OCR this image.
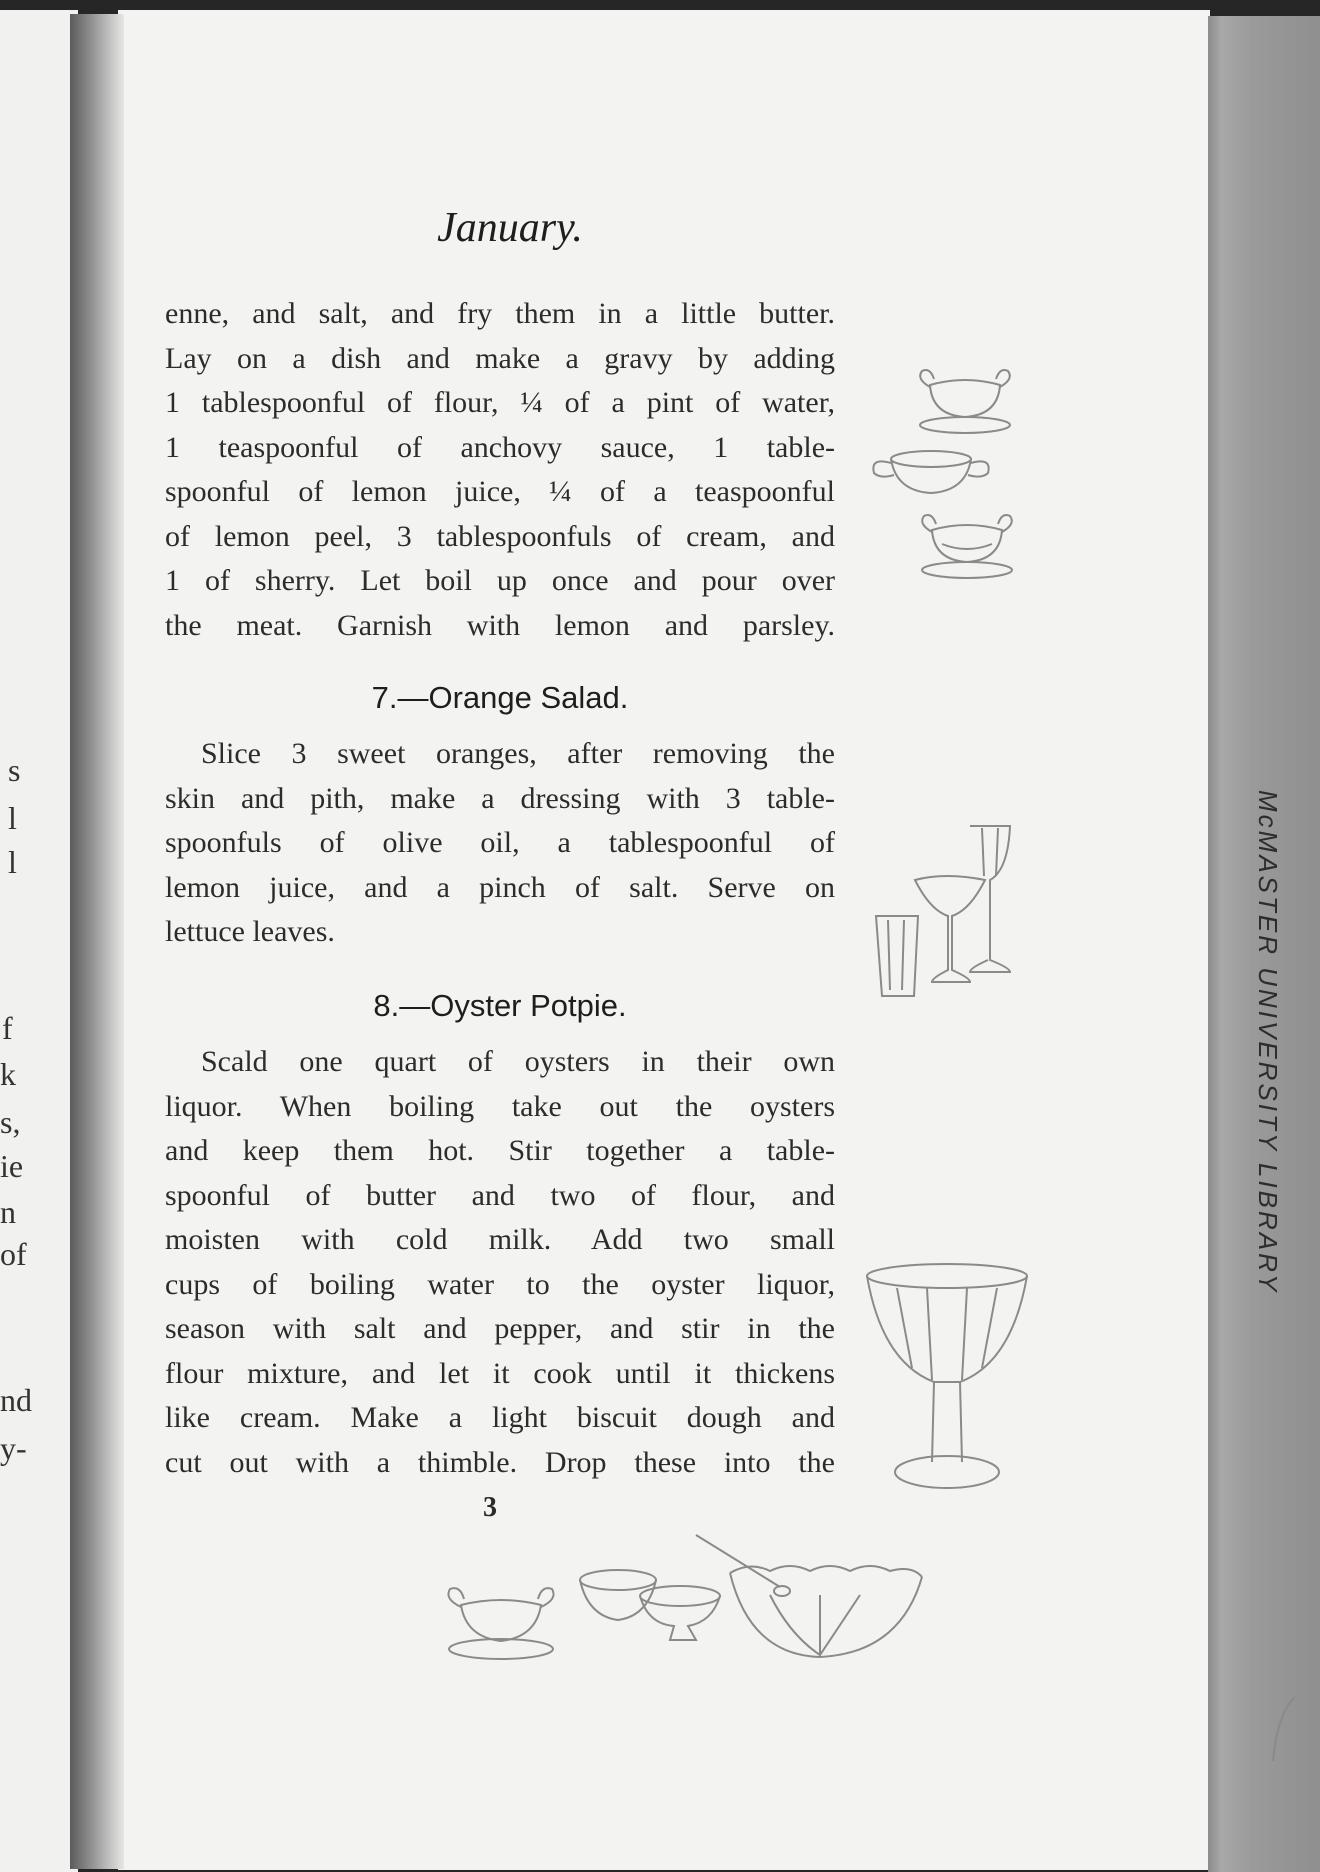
s
l
l
f
k
s,
ie
n
of
nd
y-
McMASTER UNIVERSITY LIBRARY
January.
enne, and salt, and fry them in a little butter.
Lay on a dish and make a gravy by adding
1 tablespoonful of flour, ¼ of a pint of water,
1 teaspoonful of anchovy sauce, 1 table-
spoonful of lemon juice, ¼ of a teaspoonful
of lemon peel, 3 tablespoonfuls of cream, and
1 of sherry. Let boil up once and pour over
the meat. Garnish with lemon and parsley.
7.—Orange Salad.
Slice 3 sweet oranges, after removing the
skin and pith, make a dressing with 3 table-
spoonfuls of olive oil, a tablespoonful of
lemon juice, and a pinch of salt. Serve on
lettuce leaves.
8.—Oyster Potpie.
Scald one quart of oysters in their own
liquor. When boiling take out the oysters
and keep them hot. Stir together a table-
spoonful of butter and two of flour, and
moisten with cold milk. Add two small
cups of boiling water to the oyster liquor,
season with salt and pepper, and stir in the
flour mixture, and let it cook until it thickens
like cream. Make a light biscuit dough and
cut out with a thimble. Drop these into the
3
